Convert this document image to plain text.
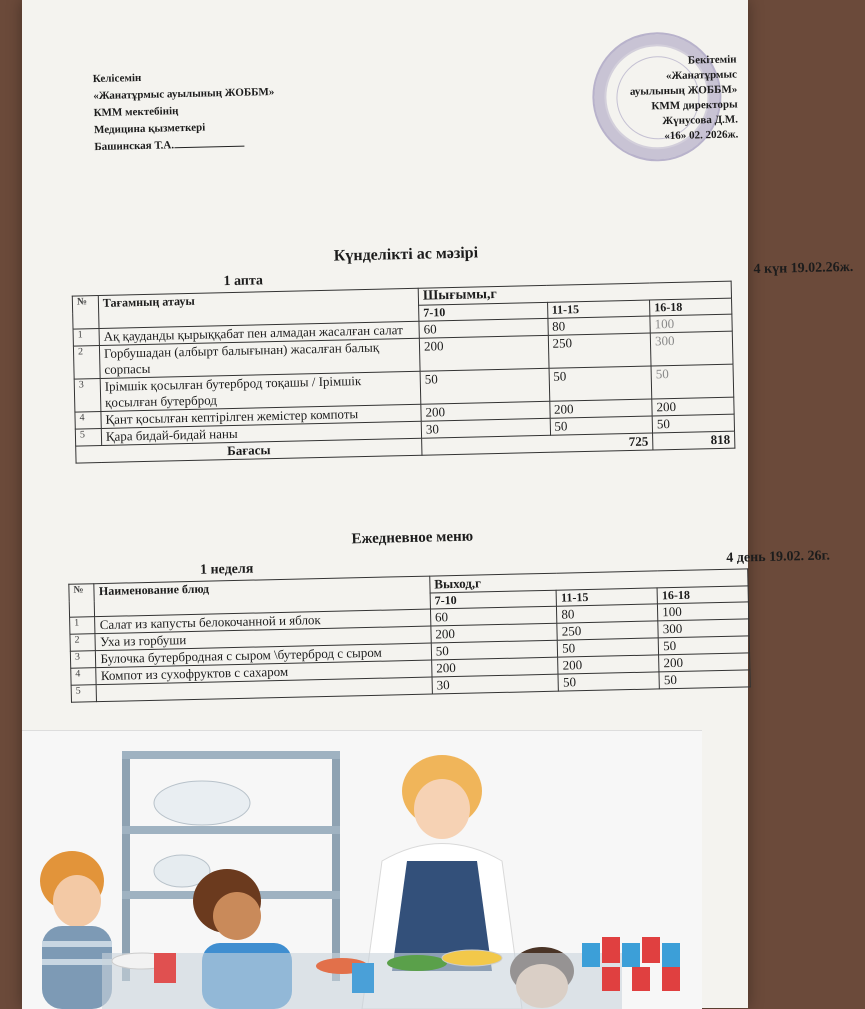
Келісемін
«Жанатұрмыс ауылының ЖОББМ»
КММ мектебінің
Медицина қызметкері
Башинская Т.А.
Бекітемін
«Жанатұрмыс
ауылының ЖОББМ»
КММ директоры
Жүнусова Д.М.
«16» 02. 2026ж.
Күнделікті ас мәзірі
1 апта
4 күн 19.02.26ж.
№	Тағамның атауы	Шығымы,г		
		7-10	11-15	16-18
1	Ақ қауданды қырыққабат пен алмадан жасалған салат	60	80	100
2	Горбушадан (албырт балығынан) жасалған балық сорпасы	200	250	300
3	Ірімшік қосылған бутерброд тоқашы / Ірімшік қосылған бутерброд	50	50	50
4	Қант қосылған кептірілген жемістер компоты	200	200	200
5	Қара бидай-бидай наны	30	50	50
Бағасы		725		818
Ежедневное меню
1 неделя
4 день 19.02. 26г.
№	Наименование блюд	Выход,г		
		7-10	11-15	16-18
1	Салат из капусты белокочанной и яблок	60	80	100
2	Уха из горбуши	200	250	300
3	Булочка бутербродная с сыром \бутерброд с сыром	50	50	50
4	Компот из сухофруктов с сахаром	200	200	200
5		30	50	50
